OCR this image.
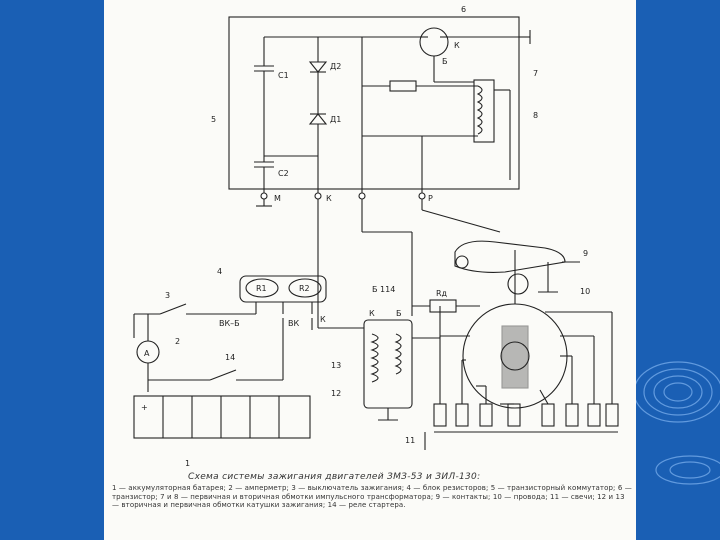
6
7
8
5
9
10
4
3
2
14
13
12
11
1
C1
C2
Д2
Д1
К
Б
М	К	Р
R1	R2
ВК–Б	ВК	К
Б 114	Rд
К	Б
А
+
Схема системы зажигания двигателей ЗМЗ-53 и ЗИЛ-130:
1 — аккумуляторная батарея; 2 — амперметр; 3 — выключатель зажигания; 4 — блок резисторов; 5 — транзисторный коммутатор; 6 — транзистор; 7 и 8 — первичная и вторичная обмотки импульсного трансформатора; 9 — контакты; 10 — провода; 11 — свечи; 12 и 13 — вторичная и первичная обмотки катушки зажигания; 14 — реле стартера.
